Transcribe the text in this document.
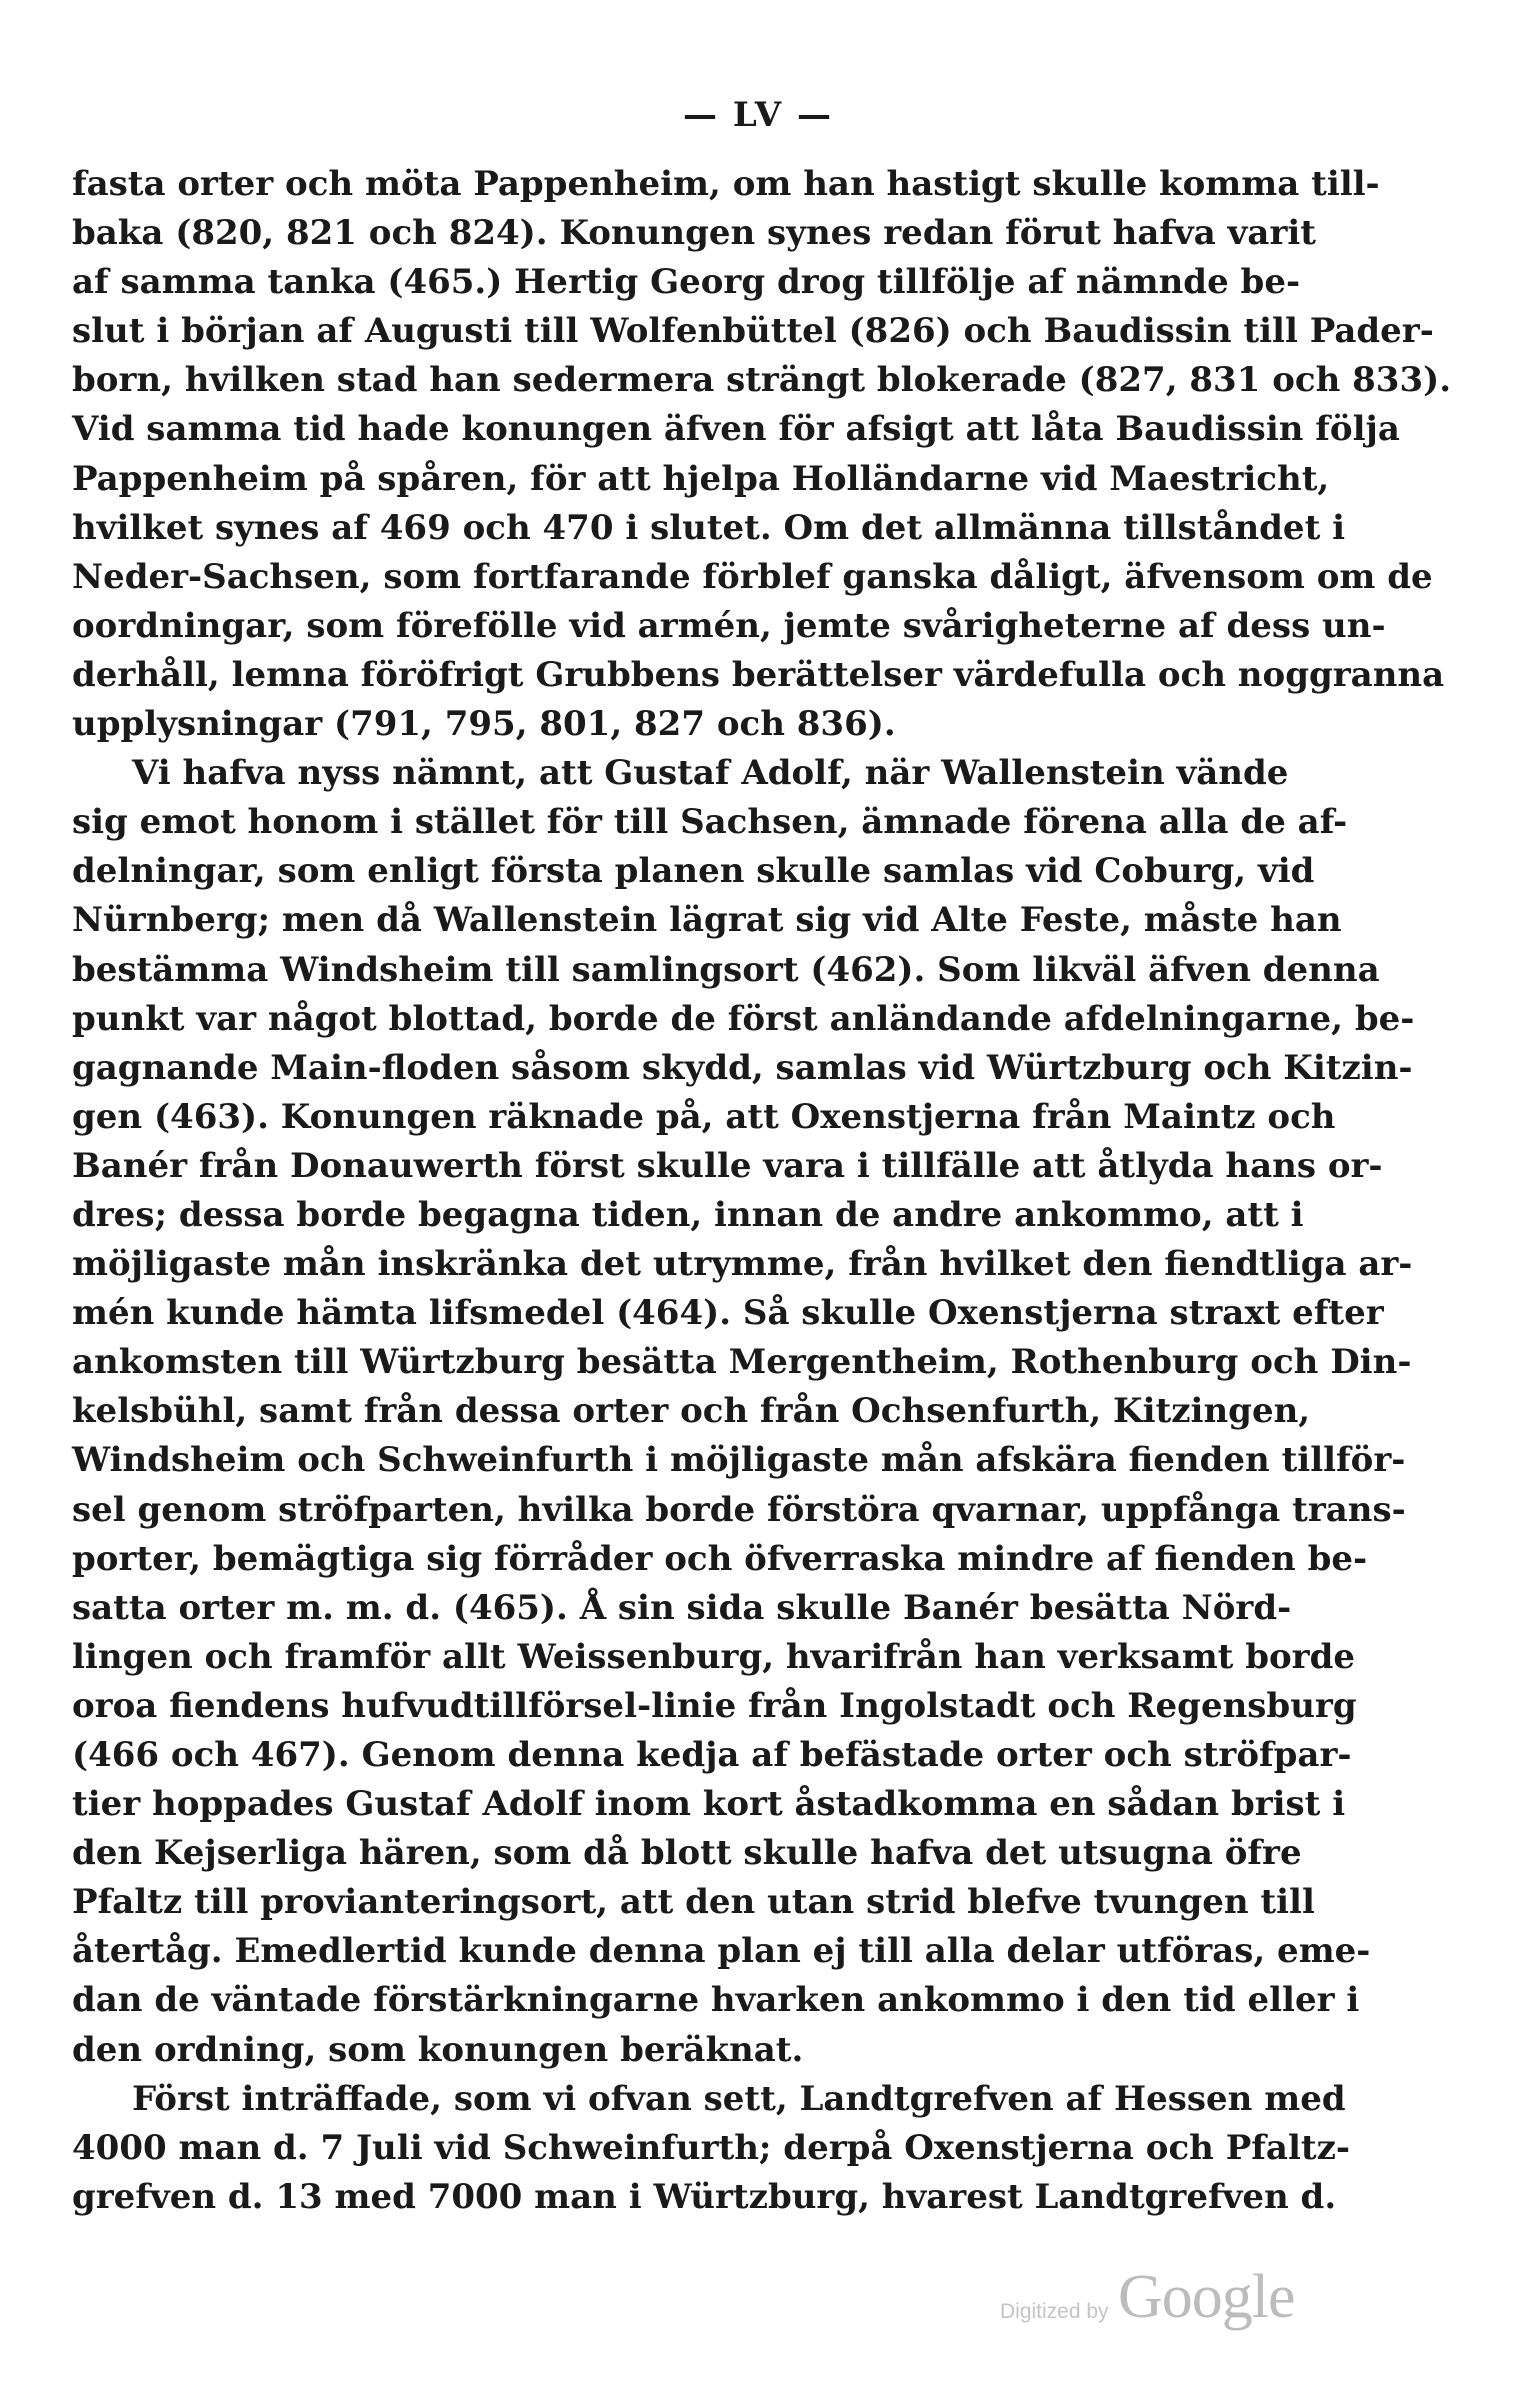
— LV —
fasta orter och möta Pappenheim, om han hastigt skulle komma till-
baka (820, 821 och 824). Konungen synes redan förut hafva varit
af samma tanka (465.) Hertig Georg drog tillfölje af nämnde be-
slut i början af Augusti till Wolfenbüttel (826) och Baudissin till Pader-
born, hvilken stad han sedermera strängt blokerade (827, 831 och 833).
Vid samma tid hade konungen äfven för afsigt att låta Baudissin följa
Pappenheim på spåren, för att hjelpa Holländarne vid Maestricht,
hvilket synes af 469 och 470 i slutet. Om det allmänna tillståndet i
Neder-Sachsen, som fortfarande förblef ganska dåligt, äfvensom om de
oordningar, som förefölle vid armén, jemte svårigheterne af dess un-
derhåll, lemna föröfrigt Grubbens berättelser värdefulla och noggranna
upplysningar (791, 795, 801, 827 och 836).
Vi hafva nyss nämnt, att Gustaf Adolf, när Wallenstein vände
sig emot honom i stället för till Sachsen, ämnade förena alla de af-
delningar, som enligt första planen skulle samlas vid Coburg, vid
Nürnberg; men då Wallenstein lägrat sig vid Alte Feste, måste han
bestämma Windsheim till samlingsort (462). Som likväl äfven denna
punkt var något blottad, borde de först anländande afdelningarne, be-
gagnande Main-floden såsom skydd, samlas vid Würtzburg och Kitzin-
gen (463). Konungen räknade på, att Oxenstjerna från Maintz och
Banér från Donauwerth först skulle vara i tillfälle att åtlyda hans or-
dres; dessa borde begagna tiden, innan de andre ankommo, att i
möjligaste mån inskränka det utrymme, från hvilket den fiendtliga ar-
mén kunde hämta lifsmedel (464). Så skulle Oxenstjerna straxt efter
ankomsten till Würtzburg besätta Mergentheim, Rothenburg och Din-
kelsbühl, samt från dessa orter och från Ochsenfurth, Kitzingen,
Windsheim och Schweinfurth i möjligaste mån afskära fienden tillför-
sel genom ströfparten, hvilka borde förstöra qvarnar, uppfånga trans-
porter, bemägtiga sig förråder och öfverraska mindre af fienden be-
satta orter m. m. d. (465). Å sin sida skulle Banér besätta Nörd-
lingen och framför allt Weissenburg, hvarifrån han verksamt borde
oroa fiendens hufvudtillförsel-linie från Ingolstadt och Regensburg
(466 och 467). Genom denna kedja af befästade orter och ströfpar-
tier hoppades Gustaf Adolf inom kort åstadkomma en sådan brist i
den Kejserliga hären, som då blott skulle hafva det utsugna öfre
Pfaltz till provianteringsort, att den utan strid blefve tvungen till
återtåg. Emedlertid kunde denna plan ej till alla delar utföras, eme-
dan de väntade förstärkningarne hvarken ankommo i den tid eller i
den ordning, som konungen beräknat.
Först inträffade, som vi ofvan sett, Landtgrefven af Hessen med
4000 man d. 7 Juli vid Schweinfurth; derpå Oxenstjerna och Pfaltz-
grefven d. 13 med 7000 man i Würtzburg, hvarest Landtgrefven d.
Digitized by Google
